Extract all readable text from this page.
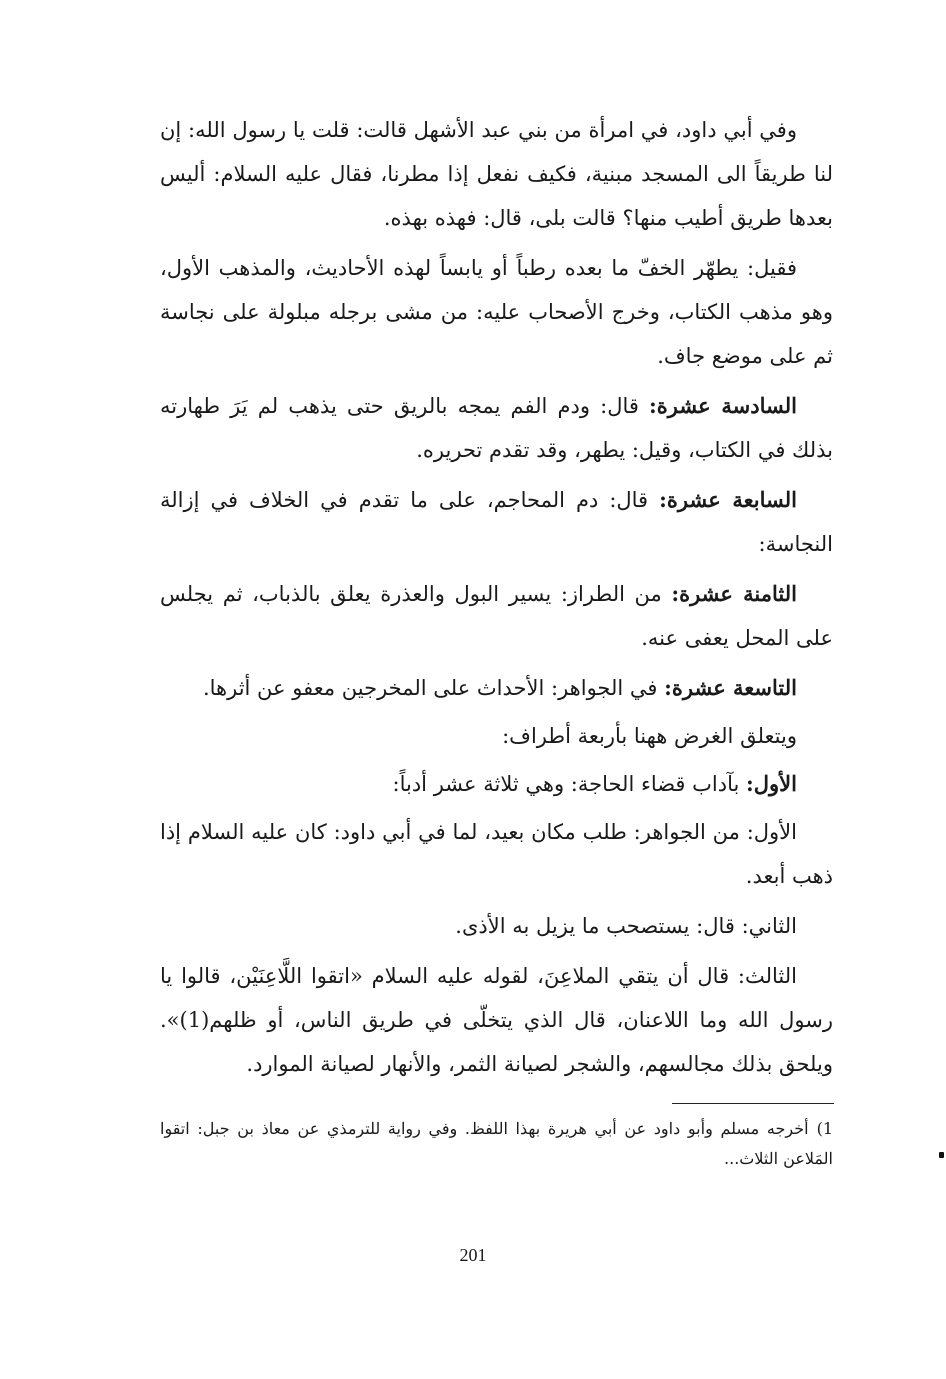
وفي أبي داود، في امرأة من بني عبد الأشهل قالت: قلت يا رسول الله: إن لنا طريقاً الى المسجد مبنية، فكيف نفعل إذا مطرنا، فقال عليه السلام: أليس بعدها طريق أطيب منها؟ قالت بلى، قال: فهذه بهذه.

فقيل: يطهّر الخفّ ما بعده رطباً أو يابساً لهذه الأحاديث، والمذهب الأول، وهو مذهب الكتاب، وخرج الأصحاب عليه: من مشى برجله مبلولة على نجاسة ثم على موضع جاف.

السادسة عشرة: قال: ودم الفم يمجه بالريق حتى يذهب لم يَرَ طهارته بذلك في الكتاب، وقيل: يطهر، وقد تقدم تحريره.

السابعة عشرة: قال: دم المحاجم، على ما تقدم في الخلاف في إزالة النجاسة:

الثامنة عشرة: من الطراز: يسير البول والعذرة يعلق بالذباب، ثم يجلس على المحل يعفى عنه.

التاسعة عشرة: في الجواهر: الأحداث على المخرجين معفو عن أثرها.

ويتعلق الغرض ههنا بأربعة أطراف:

الأول: بآداب قضاء الحاجة: وهي ثلاثة عشر أدباً:

الأول: من الجواهر: طلب مكان بعيد، لما في أبي داود: كان عليه السلام إذا ذهب أبعد.

الثاني: قال: يستصحب ما يزيل به الأذى.

الثالث: قال أن يتقي الملاعِنَ، لقوله عليه السلام «اتقوا اللَّاعِنَيْن، قالوا يا رسول الله وما اللاعنان، قال الذي يتخلّى في طريق الناس، أو ظلهم(1)». ويلحق بذلك مجالسهم، والشجر لصيانة الثمر، والأنهار لصيانة الموارد.

1)أخرجه مسلم وأبو داود عن أبي هريرة بهذا اللفظ. وفي رواية للترمذي عن معاذ بن جبل: اتقوا المَلاعن الثلاث...
201
